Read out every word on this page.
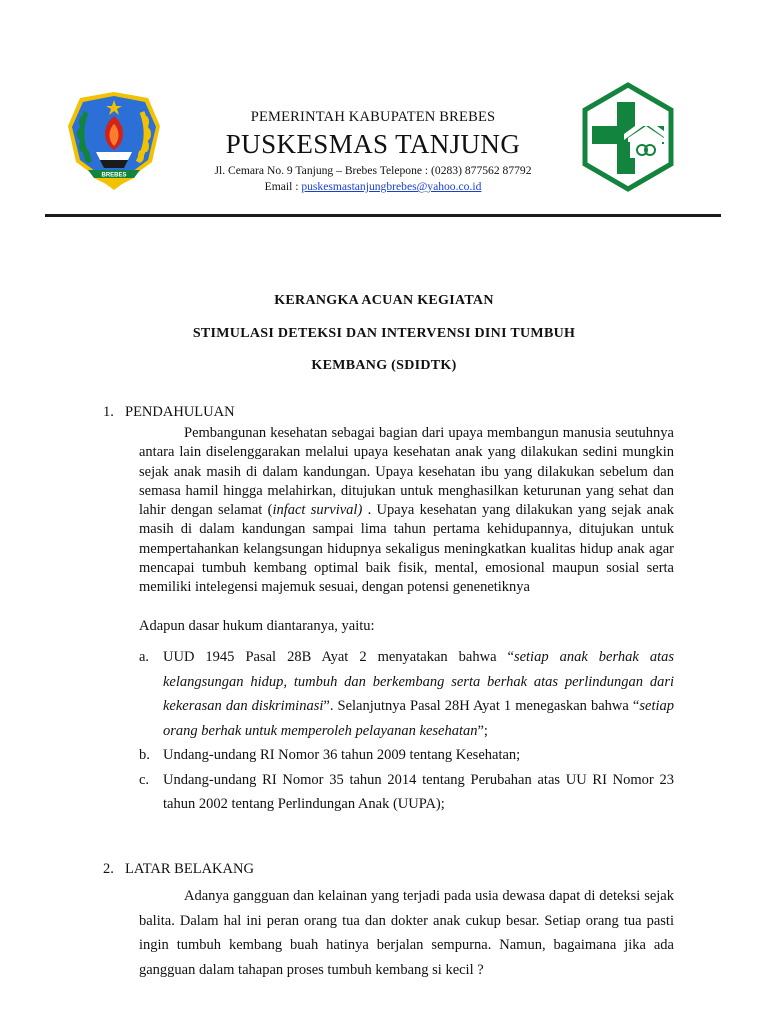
BREBES
PEMERINTAH KABUPATEN BREBES
PUSKESMAS TANJUNG
Jl. Cemara No. 9 Tanjung – Brebes Telepone : (0283) 877562 87792
Email : puskesmastanjungbrebes@yahoo.co.id
KERANGKA ACUAN KEGIATAN
STIMULASI DETEKSI DAN INTERVENSI DINI TUMBUH
KEMBANG (SDIDTK)
1. PENDAHULUAN
Pembangunan kesehatan sebagai bagian dari upaya membangun manusia seutuhnya antara lain diselenggarakan melalui upaya kesehatan anak yang dilakukan sedini mungkin sejak anak masih di dalam kandungan. Upaya kesehatan ibu yang dilakukan sebelum dan semasa hamil hingga melahirkan, ditujukan untuk menghasilkan keturunan yang sehat dan lahir dengan selamat (infact survival) . Upaya kesehatan yang dilakukan yang sejak anak masih di dalam kandungan sampai lima tahun pertama kehidupannya, ditujukan untuk mempertahankan kelangsungan hidupnya sekaligus meningkatkan kualitas hidup anak agar mencapai tumbuh kembang optimal baik fisik, mental, emosional maupun sosial serta memiliki intelegensi majemuk sesuai, dengan potensi genenetiknya
Adapun dasar hukum diantaranya, yaitu:
a. UUD 1945 Pasal 28B Ayat 2 menyatakan bahwa “setiap anak berhak atas kelangsungan hidup, tumbuh dan berkembang serta berhak atas perlindungan dari kekerasan dan diskriminasi”. Selanjutnya Pasal 28H Ayat 1 menegaskan bahwa “setiap orang berhak untuk memperoleh pelayanan kesehatan”;
b. Undang-undang RI Nomor 36 tahun 2009 tentang Kesehatan;
c. Undang-undang RI Nomor 35 tahun 2014 tentang Perubahan atas UU RI Nomor 23 tahun 2002 tentang Perlindungan Anak (UUPA);
2. LATAR BELAKANG
Adanya gangguan dan kelainan yang terjadi pada usia dewasa dapat di deteksi sejak balita. Dalam hal ini peran orang tua dan dokter anak cukup besar. Setiap orang tua pasti ingin tumbuh kembang buah hatinya berjalan sempurna. Namun, bagaimana jika ada gangguan dalam tahapan proses tumbuh kembang si kecil ?
